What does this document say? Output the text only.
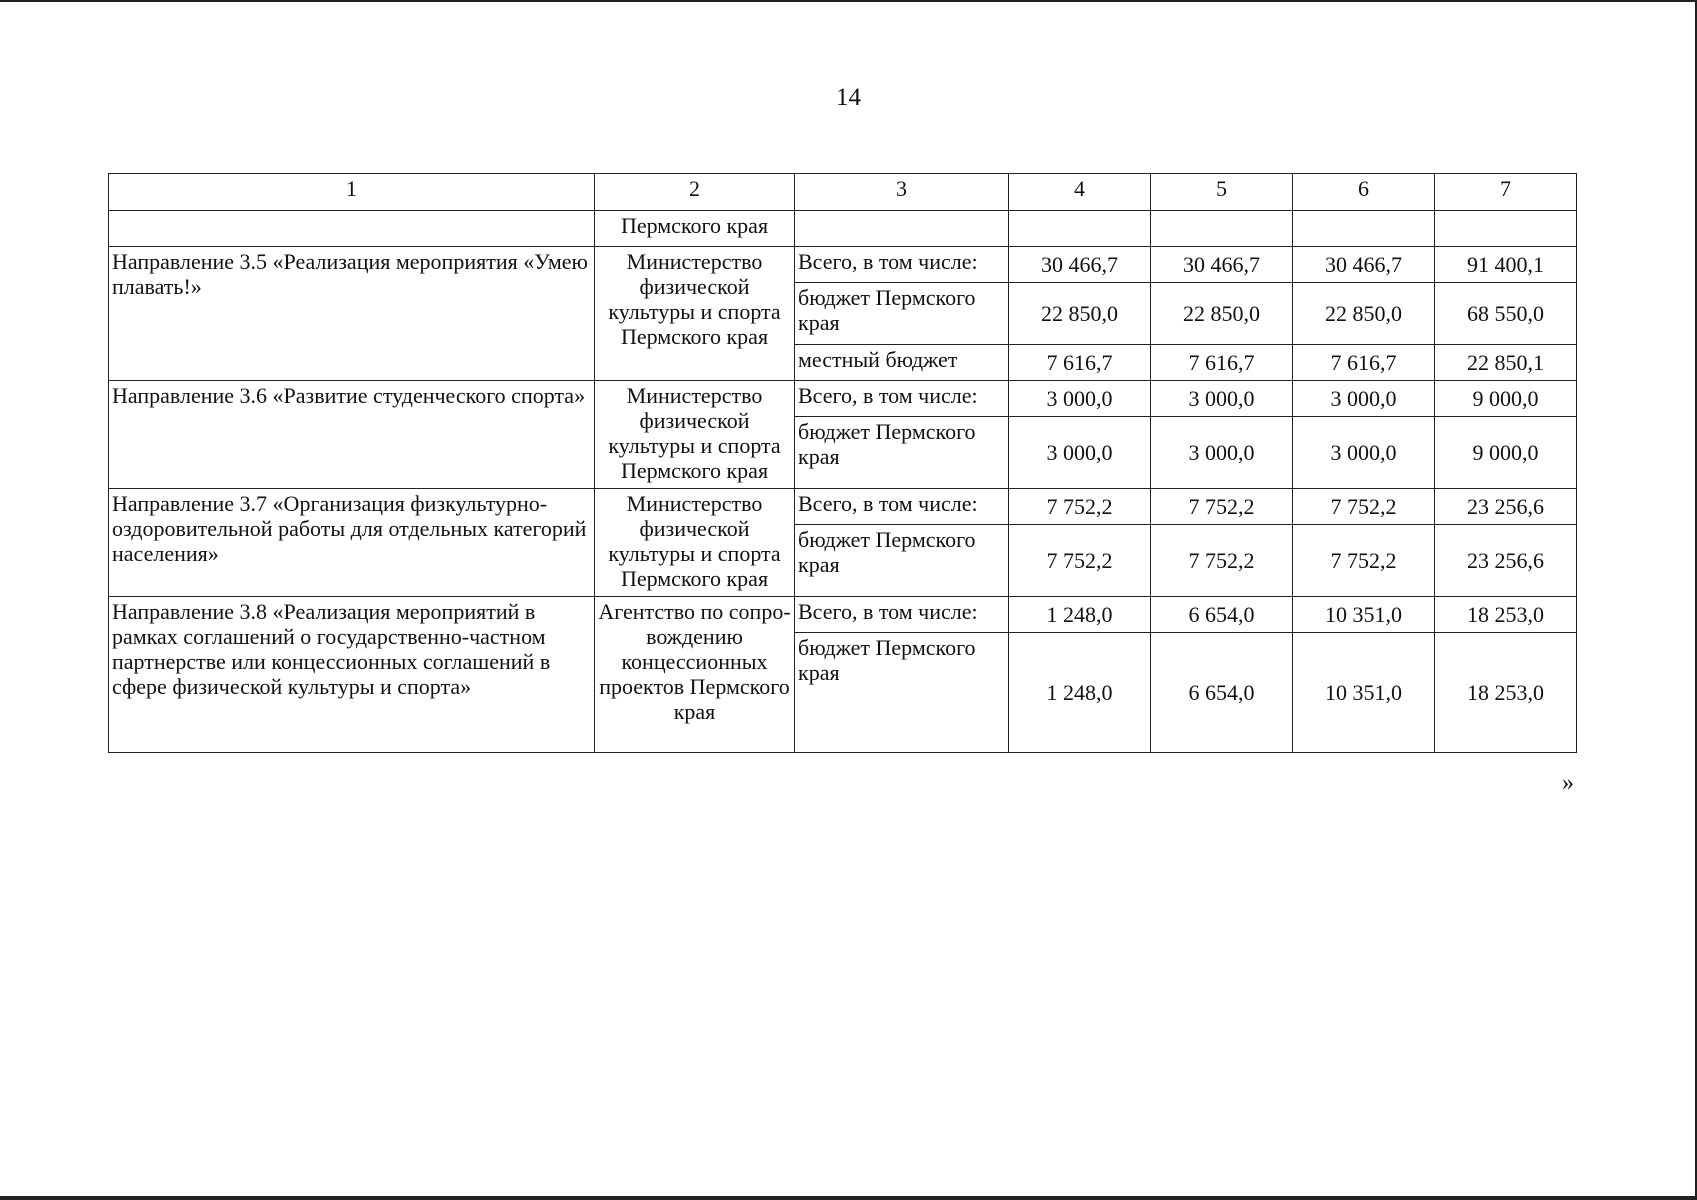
14
1	2	3	4	5	6	7
	Пермского края					
Направление 3.5 «Реализация мероприятия «Умею плавать!»	Министерство физической культуры и спорта Пермского края	Всего, в том числе:	30 466,7	30 466,7	30 466,7	91 400,1
		бюджет Пермского края	22 850,0	22 850,0	22 850,0	68 550,0
		местный бюджет	7 616,7	7 616,7	7 616,7	22 850,1
Направление 3.6 «Развитие студенческого спорта»	Министерство физической культуры и спорта Пермского края	Всего, в том числе:	3 000,0	3 000,0	3 000,0	9 000,0
		бюджет Пермского края	3 000,0	3 000,0	3 000,0	9 000,0
Направление 3.7 «Организация физкультурно-оздоровительной работы для отдельных категорий населения»	Министерство физической культуры и спорта Пермского края	Всего, в том числе:	7 752,2	7 752,2	7 752,2	23 256,6
		бюджет Пермского края	7 752,2	7 752,2	7 752,2	23 256,6
Направление 3.8 «Реализация мероприятий в рамках соглашений о государственно-частном партнерстве или концессионных соглашений в сфере физической культуры и спорта»	Агентство по сопро-вождению концессионных проектов Пермского края	Всего, в том числе:	1 248,0	6 654,0	10 351,0	18 253,0
		бюджет Пермского края	1 248,0	6 654,0	10 351,0	18 253,0
»
